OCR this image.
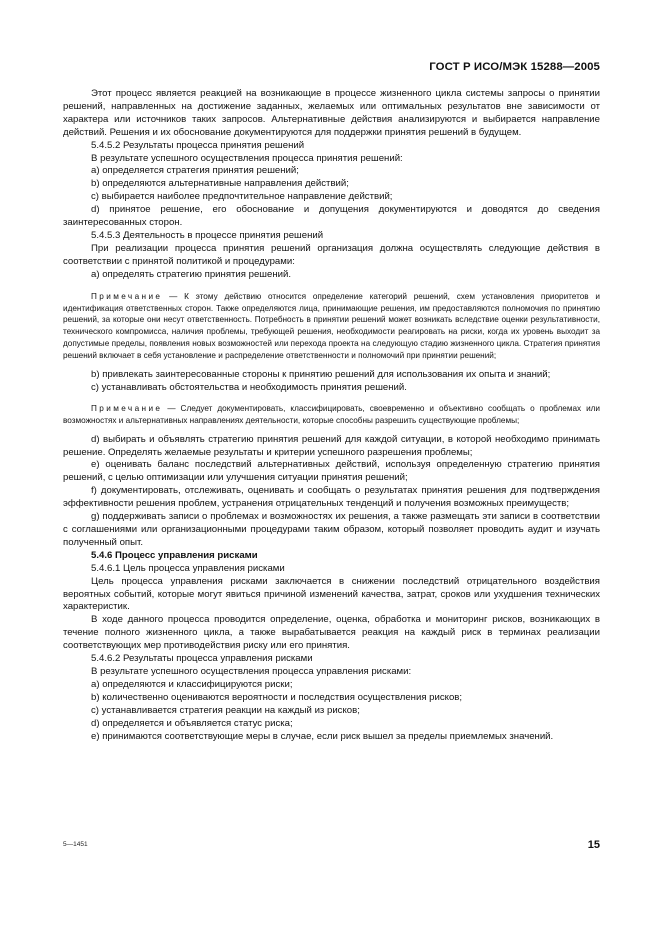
ГОСТ Р ИСО/МЭК 15288—2005

Этот процесс является реакцией на возникающие в процессе жизненного цикла системы запросы о принятии решений, направленных на достижение заданных, желаемых или оптимальных результатов вне зависимости от характера или источников таких запросов. Альтернативные действия анализируются и выбирается направление действий. Решения и их обоснование документируются для поддержки принятия решений в будущем.

5.4.5.2 Результаты процесса принятия решений

В результате успешного осуществления процесса принятия решений:

a) определяется стратегия принятия решений;

b) определяются альтернативные направления действий;

c) выбирается наиболее предпочтительное направление действий;

d) принятое решение, его обоснование и допущения документируются и доводятся до сведения заинтересованных сторон.

5.4.5.3 Деятельность в процессе принятия решений

При реализации процесса принятия решений организация должна осуществлять следующие действия в соответствии с принятой политикой и процедурами:

a) определять стратегию принятия решений.

Примечание — К этому действию относится определение категорий решений, схем установления приоритетов и идентификация ответственных сторон. Также определяются лица, принимающие решения, им предоставляются полномочия по принятию решений, за которые они несут ответственность. Потребность в принятии решений может возникать вследствие оценки результативности, технического компромисса, наличия проблемы, требующей решения, необходимости реагировать на риски, когда их уровень выходит за допустимые пределы, появления новых возможностей или перехода проекта на следующую стадию жизненного цикла. Стратегия принятия решений включает в себя установление и распределение ответственности и полномочий при принятии решений;

b) привлекать заинтересованные стороны к принятию решений для использования их опыта и знаний;

c) устанавливать обстоятельства и необходимость принятия решений.

Примечание — Следует документировать, классифицировать, своевременно и объективно сообщать о проблемах или возможностях и альтернативных направлениях деятельности, которые способны разрешить существующие проблемы;

d) выбирать и объявлять стратегию принятия решений для каждой ситуации, в которой необходимо принимать решение. Определять желаемые результаты и критерии успешного разрешения проблемы;

e) оценивать баланс последствий альтернативных действий, используя определенную стратегию принятия решений, с целью оптимизации или улучшения ситуации принятия решений;

f) документировать, отслеживать, оценивать и сообщать о результатах принятия решения для подтверждения эффективности решения проблем, устранения отрицательных тенденций и получения возможных преимуществ;

g) поддерживать записи о проблемах и возможностях их решения, а также размещать эти записи в соответствии с соглашениями или организационными процедурами таким образом, который позволяет проводить аудит и изучать полученный опыт.

5.4.6 Процесс управления рисками

5.4.6.1 Цель процесса управления рисками

Цель процесса управления рисками заключается в снижении последствий отрицательного воздействия вероятных событий, которые могут явиться причиной изменений качества, затрат, сроков или ухудшения технических характеристик.

В ходе данного процесса проводится определение, оценка, обработка и мониторинг рисков, возникающих в течение полного жизненного цикла, а также вырабатывается реакция на каждый риск в терминах реализации соответствующих мер противодействия риску или его принятия.

5.4.6.2 Результаты процесса управления рисками

В результате успешного осуществления процесса управления рисками:

a) определяются и классифицируются риски;

b) количественно оцениваются вероятности и последствия осуществления рисков;

c) устанавливается стратегия реакции на каждый из рисков;

d) определяется и объявляется статус риска;

e) принимаются соответствующие меры в случае, если риск вышел за пределы приемлемых значений.

5—1451	15
